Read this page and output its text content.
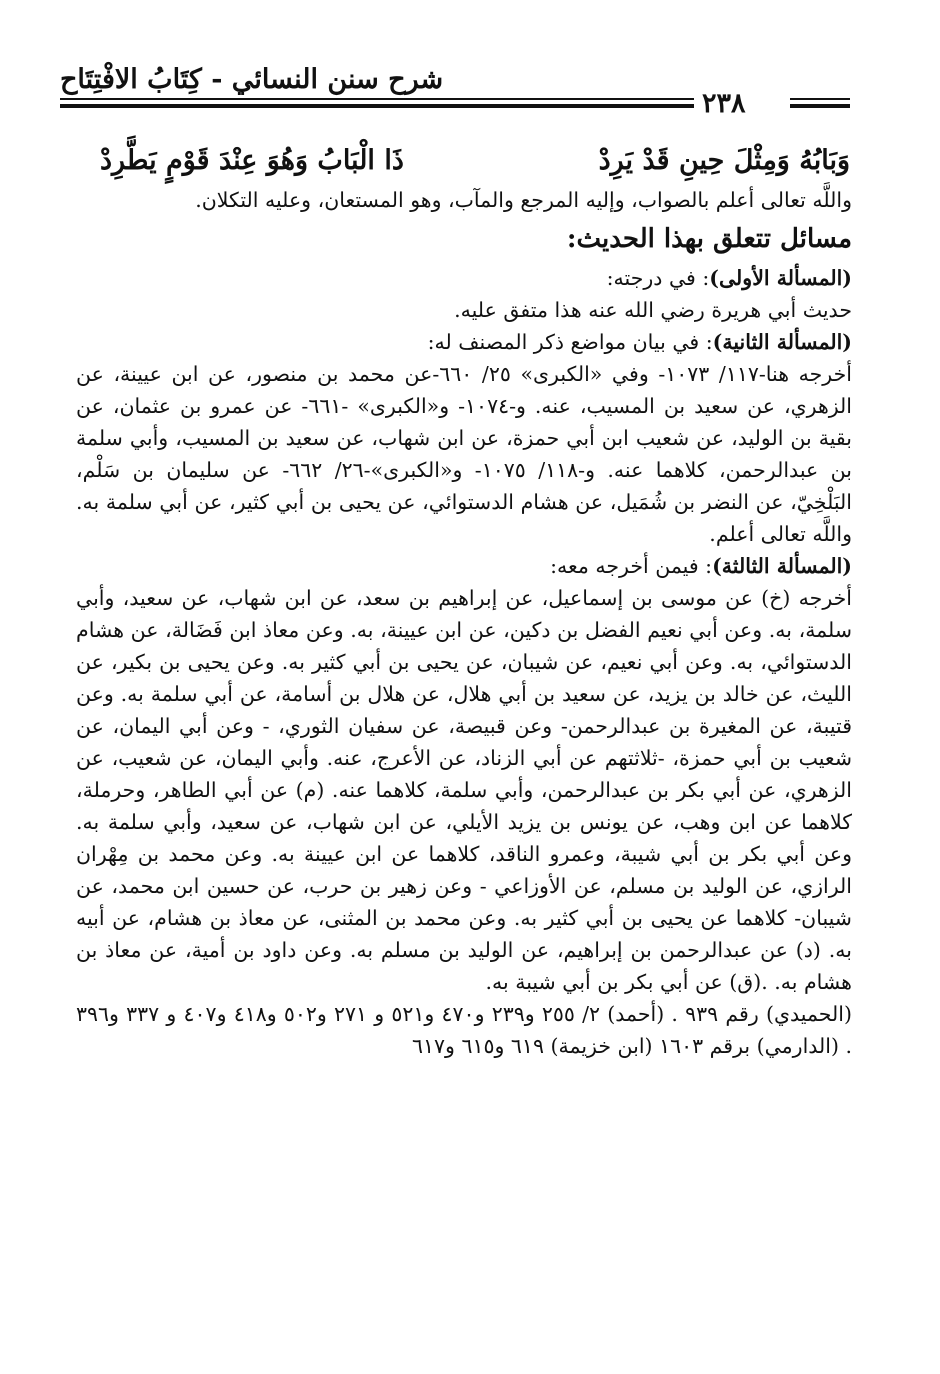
شرح سنن النسائي - كِتَابُ الافْتِتَاح
٢٣٨
وَبَابُهُ وَمِثْلَ حِينِ قَدْ يَرِدْ
ذَا الْبَابُ وَهُوَ عِنْدَ قَوْمٍ يَطَّرِدْ

واللَّه تعالى أعلم بالصواب، وإليه المرجع والمآب، وهو المستعان، وعليه التكلان.

مسائل تتعلق بهذا الحديث:

(المسألة الأولى): في درجته:

حديث أبي هريرة رضي الله عنه هذا متفق عليه.

(المسألة الثانية): في بيان مواضع ذكر المصنف له:

أخرجه هنا-١١٧/ ١٠٧٣- وفي «الكبرى» ٢٥/ ٦٦٠-عن محمد بن منصور، عن ابن عيينة، عن الزهري، عن سعيد بن المسيب، عنه. و-١٠٧٤- و«الكبرى» -٦٦١- عن عمرو بن عثمان، عن بقية بن الوليد، عن شعيب ابن أبي حمزة، عن ابن شهاب، عن سعيد بن المسيب، وأبي سلمة بن عبدالرحمن، كلاهما عنه. و-١١٨/ ١٠٧٥- و«الكبرى»-٢٦/ ٦٦٢- عن سليمان بن سَلْم، البَلْخِيّ، عن النضر بن شُمَيل، عن هشام الدستوائي، عن يحيى بن أبي كثير، عن أبي سلمة به. واللَّه تعالى أعلم.

(المسألة الثالثة): فيمن أخرجه معه:

أخرجه (خ) عن موسى بن إسماعيل، عن إبراهيم بن سعد، عن ابن شهاب، عن سعيد، وأبي سلمة، به. وعن أبي نعيم الفضل بن دكين، عن ابن عيينة، به. وعن معاذ ابن فَضَالة، عن هشام الدستوائي، به. وعن أبي نعيم، عن شيبان، عن يحيى بن أبي كثير به. وعن يحيى بن بكير، عن الليث، عن خالد بن يزيد، عن سعيد بن أبي هلال، عن هلال بن أسامة، عن أبي سلمة به. وعن قتيبة، عن المغيرة بن عبدالرحمن- وعن قبيصة، عن سفيان الثوري، - وعن أبي اليمان، عن شعيب بن أبي حمزة، -ثلاثتهم عن أبي الزناد، عن الأعرج، عنه. وأبي اليمان، عن شعيب، عن الزهري، عن أبي بكر بن عبدالرحمن، وأبي سلمة، كلاهما عنه. (م) عن أبي الطاهر، وحرملة، كلاهما عن ابن وهب، عن يونس بن يزيد الأيلي، عن ابن شهاب، عن سعيد، وأبي سلمة به. وعن أبي بكر بن أبي شيبة، وعمرو الناقد، كلاهما عن ابن عيينة به. وعن محمد بن مِهْران الرازي، عن الوليد بن مسلم، عن الأوزاعي - وعن زهير بن حرب، عن حسين ابن محمد، عن شيبان- كلاهما عن يحيى بن أبي كثير به. وعن محمد بن المثنى، عن معاذ بن هشام، عن أبيه به. (د) عن عبدالرحمن بن إبراهيم، عن الوليد بن مسلم به. وعن داود بن أمية، عن معاذ بن هشام به. .(ق) عن أبي بكر بن أبي شيبة به.

(الحميدي) رقم ٩٣٩ . (أحمد) ٢/ ٢٥٥ و٢٣٩ و٤٧٠ و٥٢١ و ٢٧١ و٥٠٢ و٤١٨ و٤٠٧ و ٣٣٧ و٣٩٦ . (الدارمي) برقم ١٦٠٣ (ابن خزيمة) ٦١٩ و٦١٥ و٦١٧
